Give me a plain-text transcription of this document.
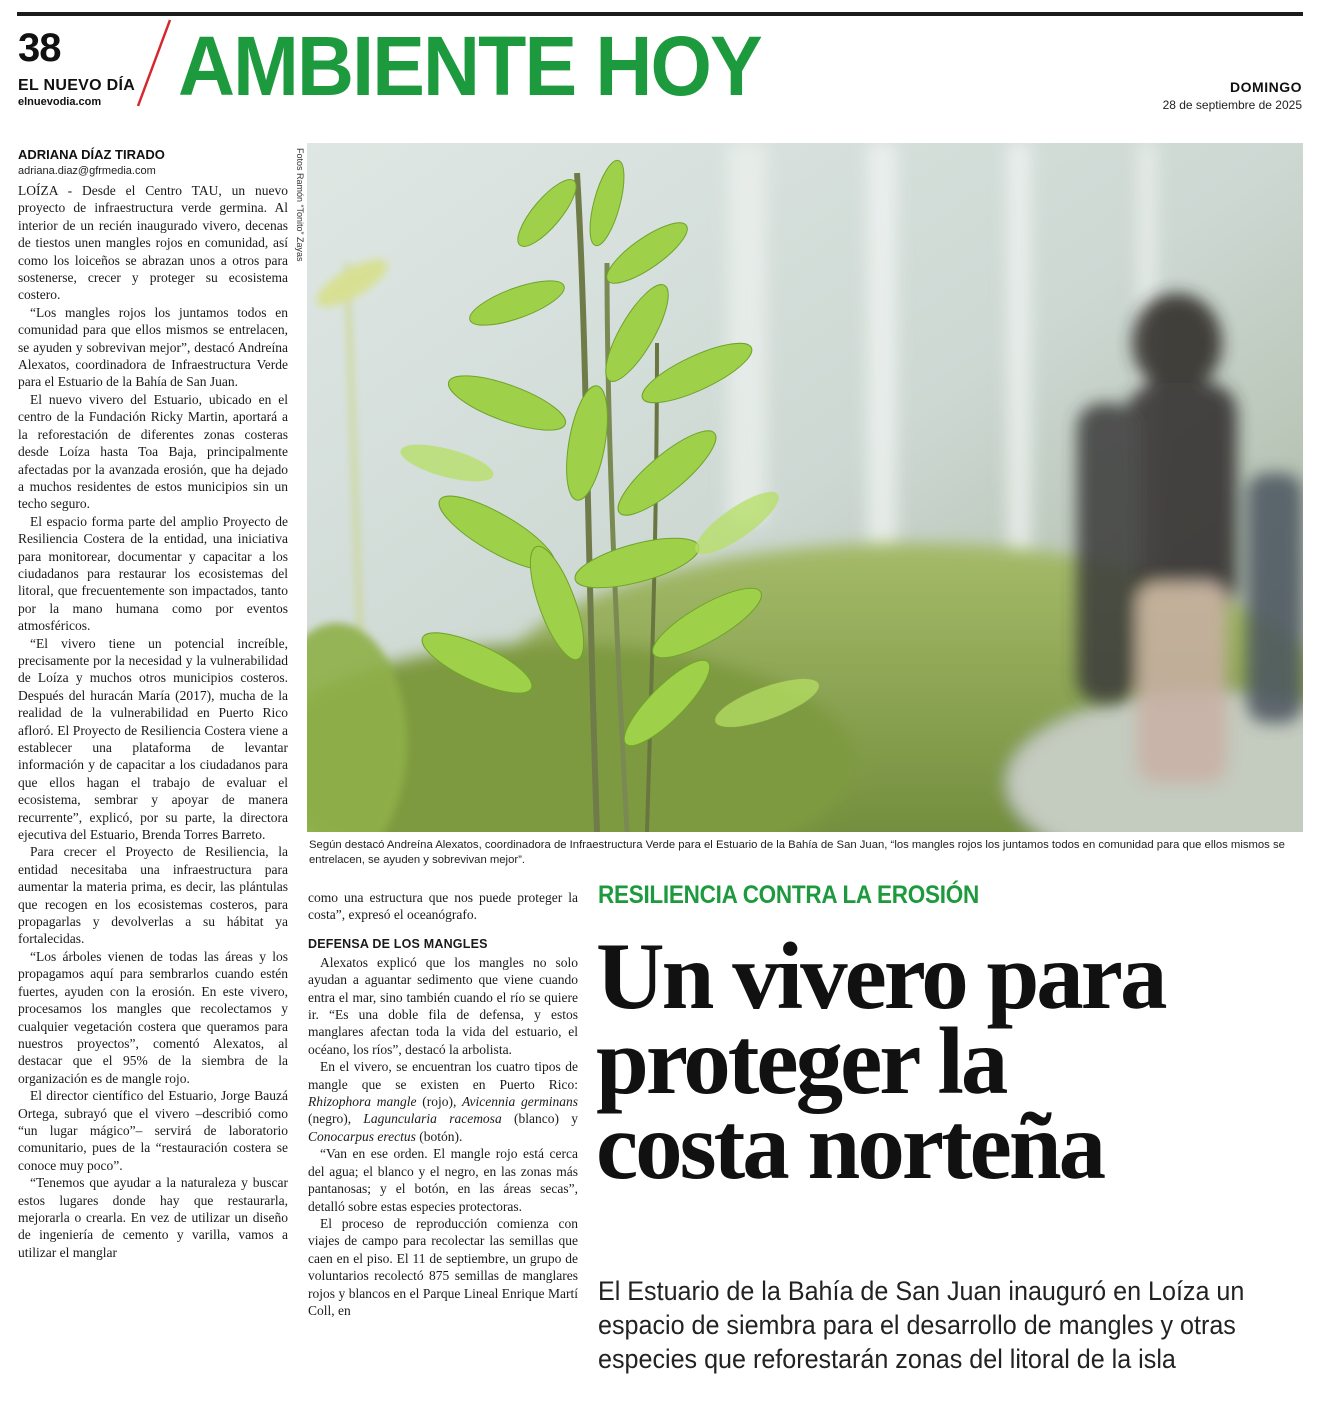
38
EL NUEVO DÍA
elnuevodia.com AMBIENTE HOY	DOMINGO
28 de septiembre de 2025
ADRIANA DÍAZ TIRADO
adriana.diaz@gfrmedia.com

LOÍZA - Desde el Centro TAU, un nuevo proyecto de infraestructura verde germina. Al interior de un recién inaugurado vivero, decenas de tiestos unen mangles rojos en comunidad, así como los loiceños se abrazan unos a otros para sostenerse, crecer y proteger su ecosistema costero.

“Los mangles rojos los juntamos todos en comunidad para que ellos mismos se entrelacen, se ayuden y sobrevivan mejor”, destacó Andreína Alexatos, coordinadora de Infraestructura Verde para el Estuario de la Bahía de San Juan.

El nuevo vivero del Estuario, ubicado en el centro de la Fundación Ricky Martin, aportará a la reforestación de diferentes zonas costeras desde Loíza hasta Toa Baja, principalmente afectadas por la avanzada erosión, que ha dejado a muchos residentes de estos municipios sin un techo seguro.

El espacio forma parte del amplio Proyecto de Resiliencia Costera de la entidad, una iniciativa para monitorear, documentar y capacitar a los ciudadanos para restaurar los ecosistemas del litoral, que frecuentemente son impactados, tanto por la mano humana como por eventos atmosféricos.

“El vivero tiene un potencial increíble, precisamente por la necesidad y la vulnerabilidad de Loíza y muchos otros municipios costeros. Después del huracán María (2017), mucha de la realidad de la vulnerabilidad en Puerto Rico afloró. El Proyecto de Resiliencia Costera viene a establecer una plataforma de levantar información y de capacitar a los ciudadanos para que ellos hagan el trabajo de evaluar el ecosistema, sembrar y apoyar de manera recurrente”, explicó, por su parte, la directora ejecutiva del Estuario, Brenda Torres Barreto.

Para crecer el Proyecto de Resiliencia, la entidad necesitaba una infraestructura para aumentar la materia prima, es decir, las plántulas que recogen en los ecosistemas costeros, para propagarlas y devolverlas a su hábitat ya fortalecidas.

“Los árboles vienen de todas las áreas y los propagamos aquí para sembrarlos cuando estén fuertes, ayuden con la erosión. En este vivero, procesamos los mangles que recolectamos y cualquier vegetación costera que queramos para nuestros proyectos”, comentó Alexatos, al destacar que el 95% de la siembra de la organización es de mangle rojo.

El director científico del Estuario, Jorge Bauzá Ortega, subrayó que el vivero –describió como “un lugar mágico”– servirá de laboratorio comunitario, pues de la “restauración costera se conoce muy poco”.

“Tenemos que ayudar a la naturaleza y buscar estos lugares donde hay que restaurarla, mejorarla o crearla. En vez de utilizar un diseño de ingeniería de cemento y varilla, vamos a utilizar el manglar

Fotos Ramón “Tonito” Zayas
Según destacó Andreína Alexatos, coordinadora de Infraestructura Verde para el Estuario de la Bahía de San Juan, “los mangles rojos los juntamos todos en comunidad para que ellos mismos se entrelacen, se ayuden y sobrevivan mejor”.

como una estructura que nos puede proteger la costa”, expresó el oceanógrafo.

DEFENSA DE LOS MANGLES

Alexatos explicó que los mangles no solo ayudan a aguantar sedimento que viene cuando entra el mar, sino también cuando el río se quiere ir. “Es una doble fila de defensa, y estos manglares afectan toda la vida del estuario, el océano, los ríos”, destacó la arbolista.

En el vivero, se encuentran los cuatro tipos de mangle que se existen en Puerto Rico: Rhizophora mangle (rojo), Avicennia germinans (negro), Laguncularia racemosa (blanco) y Conocarpus erectus (botón).

“Van en ese orden. El mangle rojo está cerca del agua; el blanco y el negro, en las zonas más pantanosas; y el botón, en las áreas secas”, detalló sobre estas especies protectoras.

El proceso de reproducción comienza con viajes de campo para recolectar las semillas que caen en el piso. El 11 de septiembre, un grupo de voluntarios recolectó 875 semillas de manglares rojos y blancos en el Parque Lineal Enrique Martí Coll, en

RESILIENCIA CONTRA LA EROSIÓN
Un vivero para
proteger la
costa norteña
El Estuario de la Bahía de San Juan inauguró en Loíza un espacio de siembra para el desarrollo de mangles y otras especies que reforestarán zonas del litoral de la isla
